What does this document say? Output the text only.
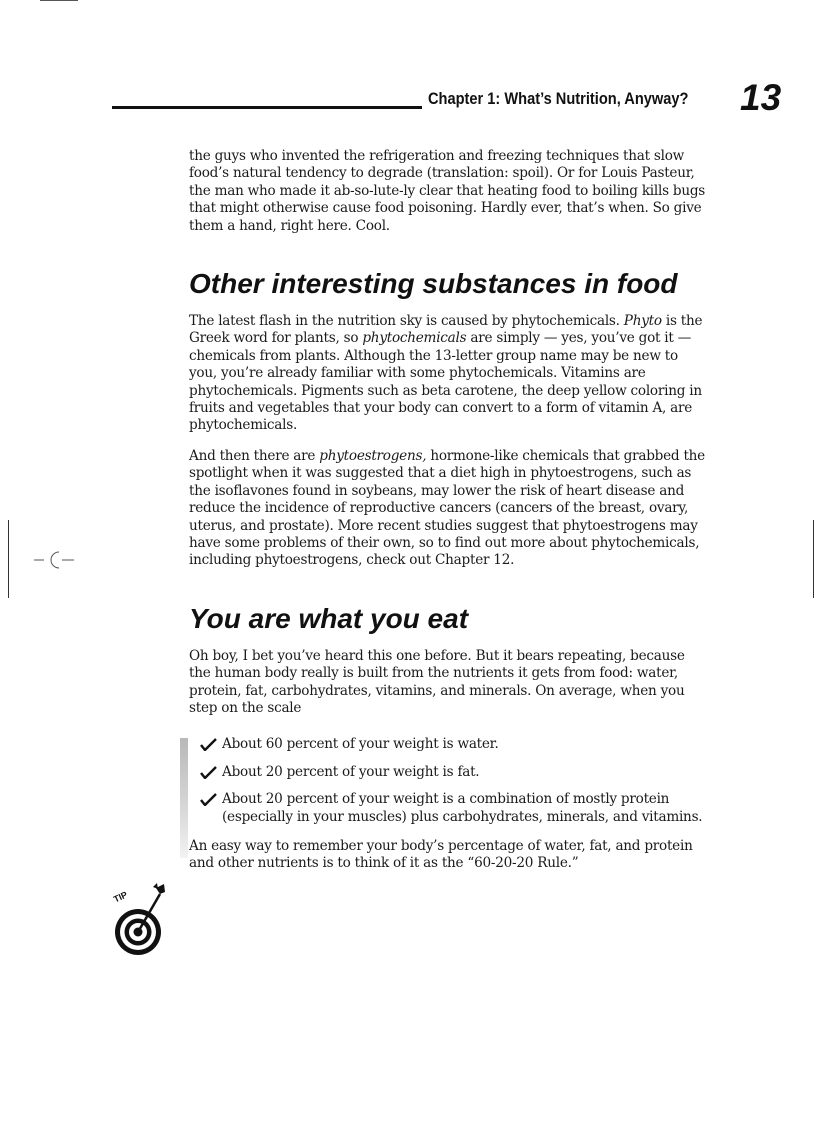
Chapter 1: What’s Nutrition, Anyway? 13

the guys who invented the refrigeration and freezing techniques that slow food’s natural tendency to degrade (translation: spoil). Or for Louis Pasteur, the man who made it ab-so-lute-ly clear that heating food to boiling kills bugs that might otherwise cause food poisoning. Hardly ever, that’s when. So give them a hand, right here. Cool.

Other interesting substances in food

The latest flash in the nutrition sky is caused by phytochemicals. Phyto is the Greek word for plants, so phytochemicals are simply — yes, you’ve got it — chemicals from plants. Although the 13-letter group name may be new to you, you’re already familiar with some phytochemicals. Vitamins are phytochemicals. Pigments such as beta carotene, the deep yellow coloring in fruits and vegetables that your body can convert to a form of vitamin A, are phytochemicals.

And then there are phytoestrogens, hormone-like chemicals that grabbed the spotlight when it was suggested that a diet high in phytoestrogens, such as the isoflavones found in soybeans, may lower the risk of heart disease and reduce the incidence of reproductive cancers (cancers of the breast, ovary, uterus, and prostate). More recent studies suggest that phytoestrogens may have some problems of their own, so to find out more about phytochemicals, including phytoestrogens, check out Chapter 12.

You are what you eat

Oh boy, I bet you’ve heard this one before. But it bears repeating, because the human body really is built from the nutrients it gets from food: water, protein, fat, carbohydrates, vitamins, and minerals. On average, when you step on the scale

About 60 percent of your weight is water.
About 20 percent of your weight is fat.
About 20 percent of your weight is a combination of mostly protein (especially in your muscles) plus carbohydrates, minerals, and vitamins.

An easy way to remember your body’s percentage of water, fat, and protein and other nutrients is to think of it as the “60-20-20 Rule.”

TIP
